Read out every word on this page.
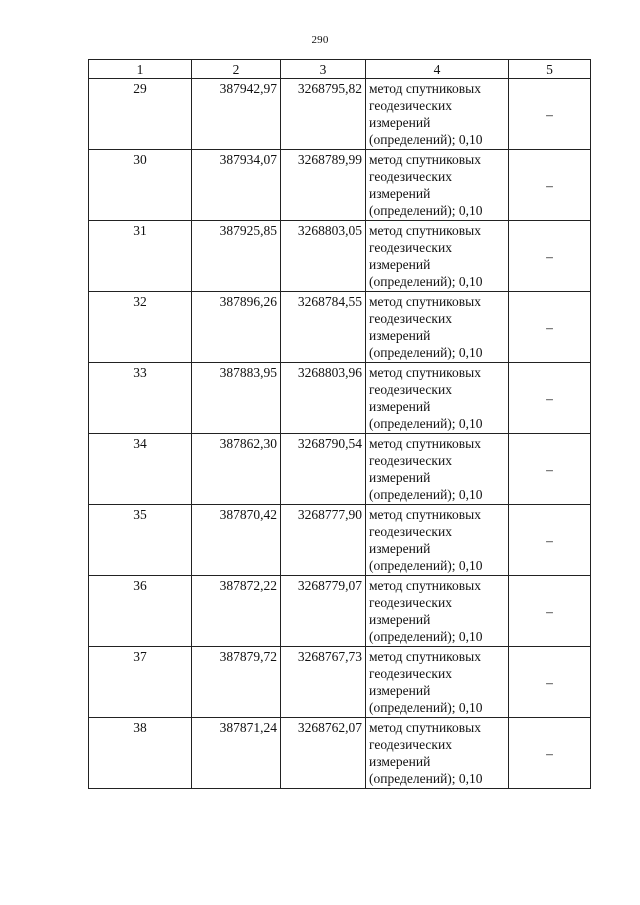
290
1	2	3	4	5
29	387942,97	3268795,82	метод спутниковых
геодезических
измерений
(определений); 0,10	–
30	387934,07	3268789,99	метод спутниковых
геодезических
измерений
(определений); 0,10	–
31	387925,85	3268803,05	метод спутниковых
геодезических
измерений
(определений); 0,10	–
32	387896,26	3268784,55	метод спутниковых
геодезических
измерений
(определений); 0,10	–
33	387883,95	3268803,96	метод спутниковых
геодезических
измерений
(определений); 0,10	–
34	387862,30	3268790,54	метод спутниковых
геодезических
измерений
(определений); 0,10	–
35	387870,42	3268777,90	метод спутниковых
геодезических
измерений
(определений); 0,10	–
36	387872,22	3268779,07	метод спутниковых
геодезических
измерений
(определений); 0,10	–
37	387879,72	3268767,73	метод спутниковых
геодезических
измерений
(определений); 0,10	–
38	387871,24	3268762,07	метод спутниковых
геодезических
измерений
(определений); 0,10	–
